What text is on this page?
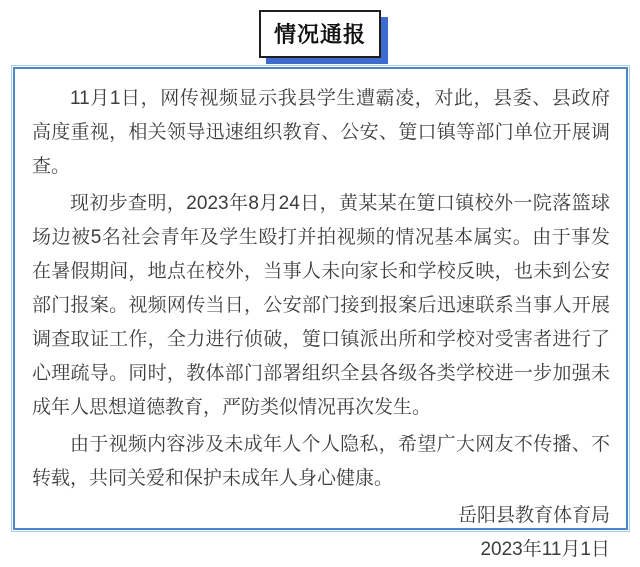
情况通报

11月1日，网传视频显示我县学生遭霸凌，对此，县委、县政府高度重视，相关领导迅速组织教育、公安、筻口镇等部门单位开展调查。

现初步查明，2023年8月24日，黄某某在筻口镇校外一院落篮球场边被5名社会青年及学生殴打并拍视频的情况基本属实。由于事发在暑假期间，地点在校外，当事人未向家长和学校反映，也未到公安部门报案。视频网传当日，公安部门接到报案后迅速联系当事人开展调查取证工作，全力进行侦破，筻口镇派出所和学校对受害者进行了心理疏导。同时，教体部门部署组织全县各级各类学校进一步加强未成年人思想道德教育，严防类似情况再次发生。

由于视频内容涉及未成年人个人隐私，希望广大网友不传播、不转载，共同关爱和保护未成年人身心健康。

岳阳县教育体育局
2023年11月1日
